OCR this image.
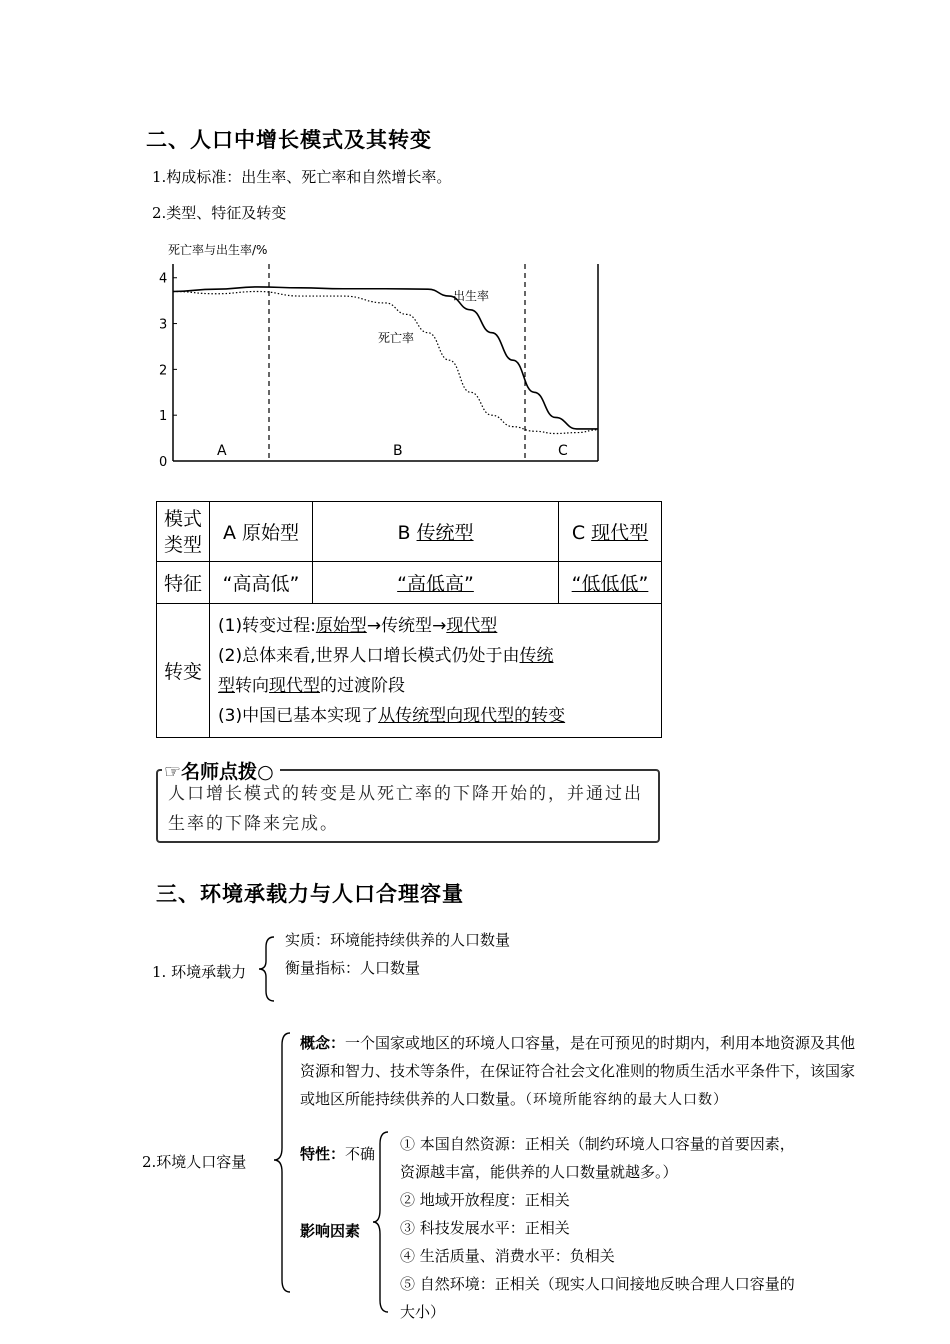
二、人口中增长模式及其转变
1.构成标准：出生率、死亡率和自然增长率。
2.类型、特征及转变
死亡率与出生率/%
0
1
2
3
4
出生率
死亡率
A	B	C
模式类型	A 原始型	B 传统型	C 现代型
特征	“高高低”	“高低高”	“低低低”
转变	(1)转变过程:原始型→传统型→现代型
(2)总体来看,世界人口增长模式仍处于由传统
型转向现代型的过渡阶段
(3)中国已基本实现了从传统型向现代型的转变		
人口增长模式的转变是从死亡率的下降开始的，并通过出生率的下降来完成。
☞名师点拨○
三、环境承载力与人口合理容量
1. 环境承载力
实质：环境能持续供养的人口数量
衡量指标：人口数量
2.环境人口容量
概念：一个国家或地区的环境人口容量，是在可预见的时期内，利用本地资源及其他资源和智力、技术等条件，在保证符合社会文化准则的物质生活水平条件下，该国家或地区所能持续供养的人口数量。（环境所能容纳的最大人口数）
特性：不确
影响因素
① 本国自然资源：正相关（制约环境人口容量的首要因素，资源越丰富，能供养的人口数量就越多。）
② 地域开放程度：正相关
③ 科技发展水平：正相关
④ 生活质量、消费水平：负相关
⑤ 自然环境：正相关（现实人口间接地反映合理人口容量的大小）
